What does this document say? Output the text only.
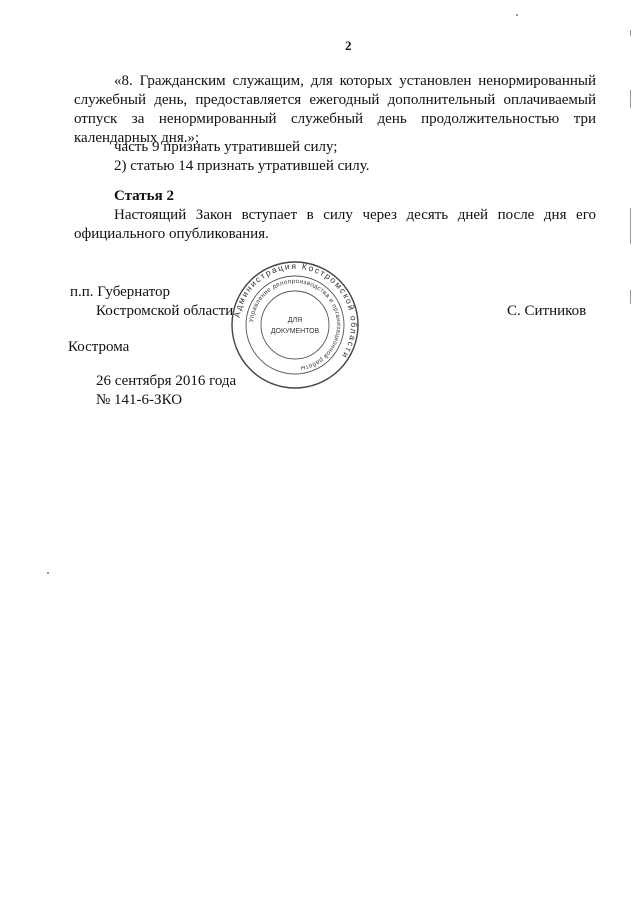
2

«8. Гражданским служащим, для которых установлен ненормированный служебный день, предоставляется ежегодный дополнительный оплачиваемый отпуск за ненормированный служебный день продолжительностью три календарных дня.»;

часть 9 признать утратившей силу;
2) статью 14 признать утратившей силу.
Статья 2

Настоящий Закон вступает в силу через десять дней после дня его официального опубликования.

п.п. Губернатор
Костромской области	С. Ситников
Кострома
26 сентября 2016 года
№ 141-6-ЗКО
Администрация Костромской области
Управление делопроизводства и организационной работы
ДЛЯ
ДОКУМЕНТОВ
